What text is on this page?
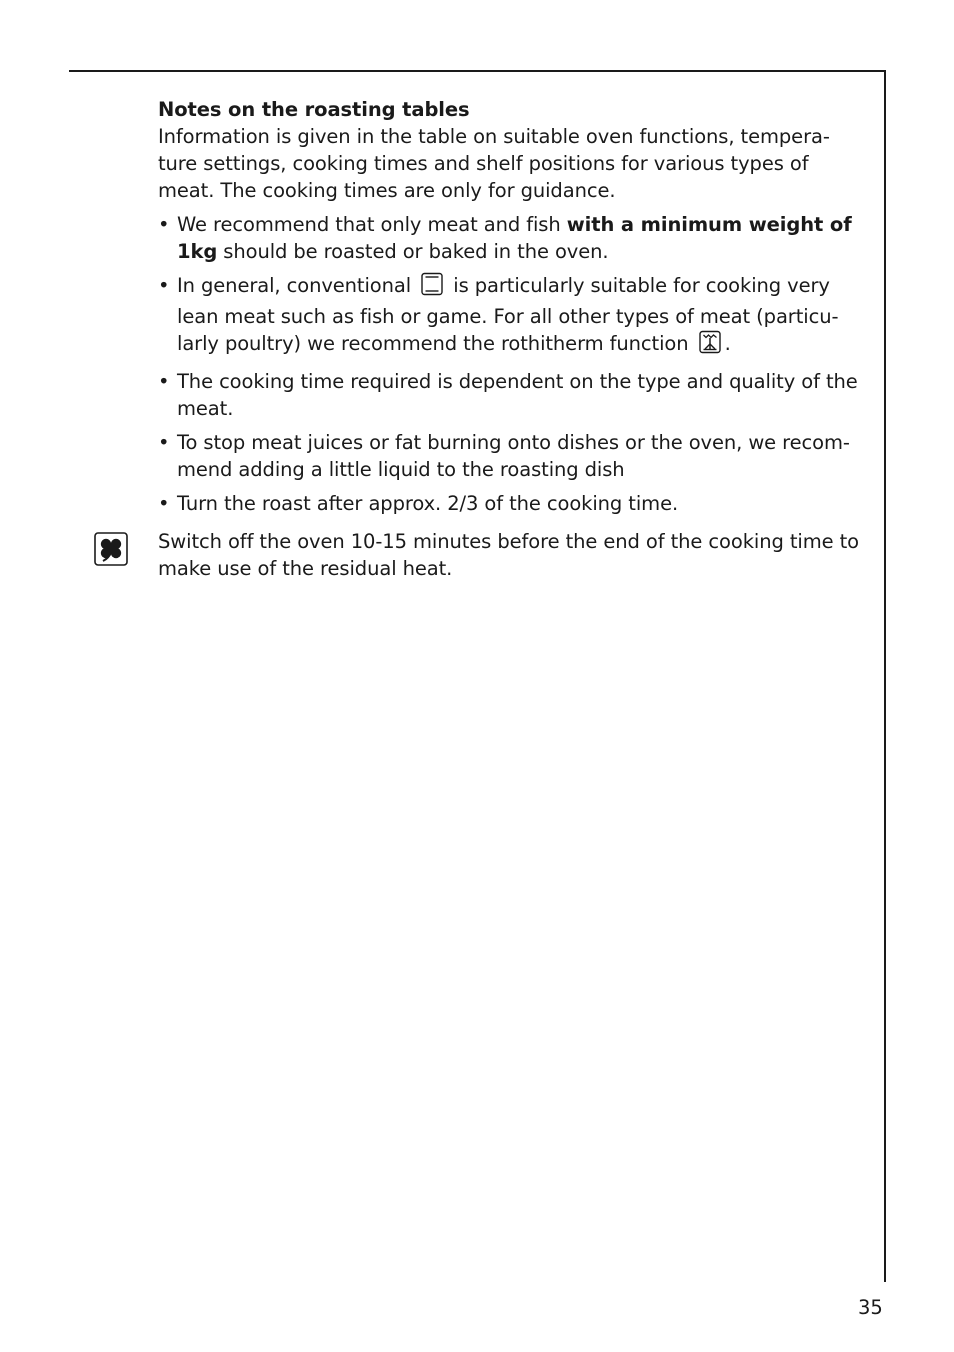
Notes on the roasting tables

Information is given in the table on suitable oven functions, tempera-ture settings, cooking times and shelf positions for various types of meat. The cooking times are only for guidance.

• We recommend that only meat and fish with a minimum weight of 1kg should be roasted or baked in the oven.
• In general, conventional is particularly suitable for cooking very lean meat such as fish or game. For all other types of meat (particu-larly poultry) we recommend the rothitherm function .
• The cooking time required is dependent on the type and quality of the meat.
• To stop meat juices or fat burning onto dishes or the oven, we recom-mend adding a little liquid to the roasting dish
• Turn the roast after approx. 2/3 of the cooking time.

Switch off the oven 10-15 minutes before the end of the cooking time to make use of the residual heat.

35
